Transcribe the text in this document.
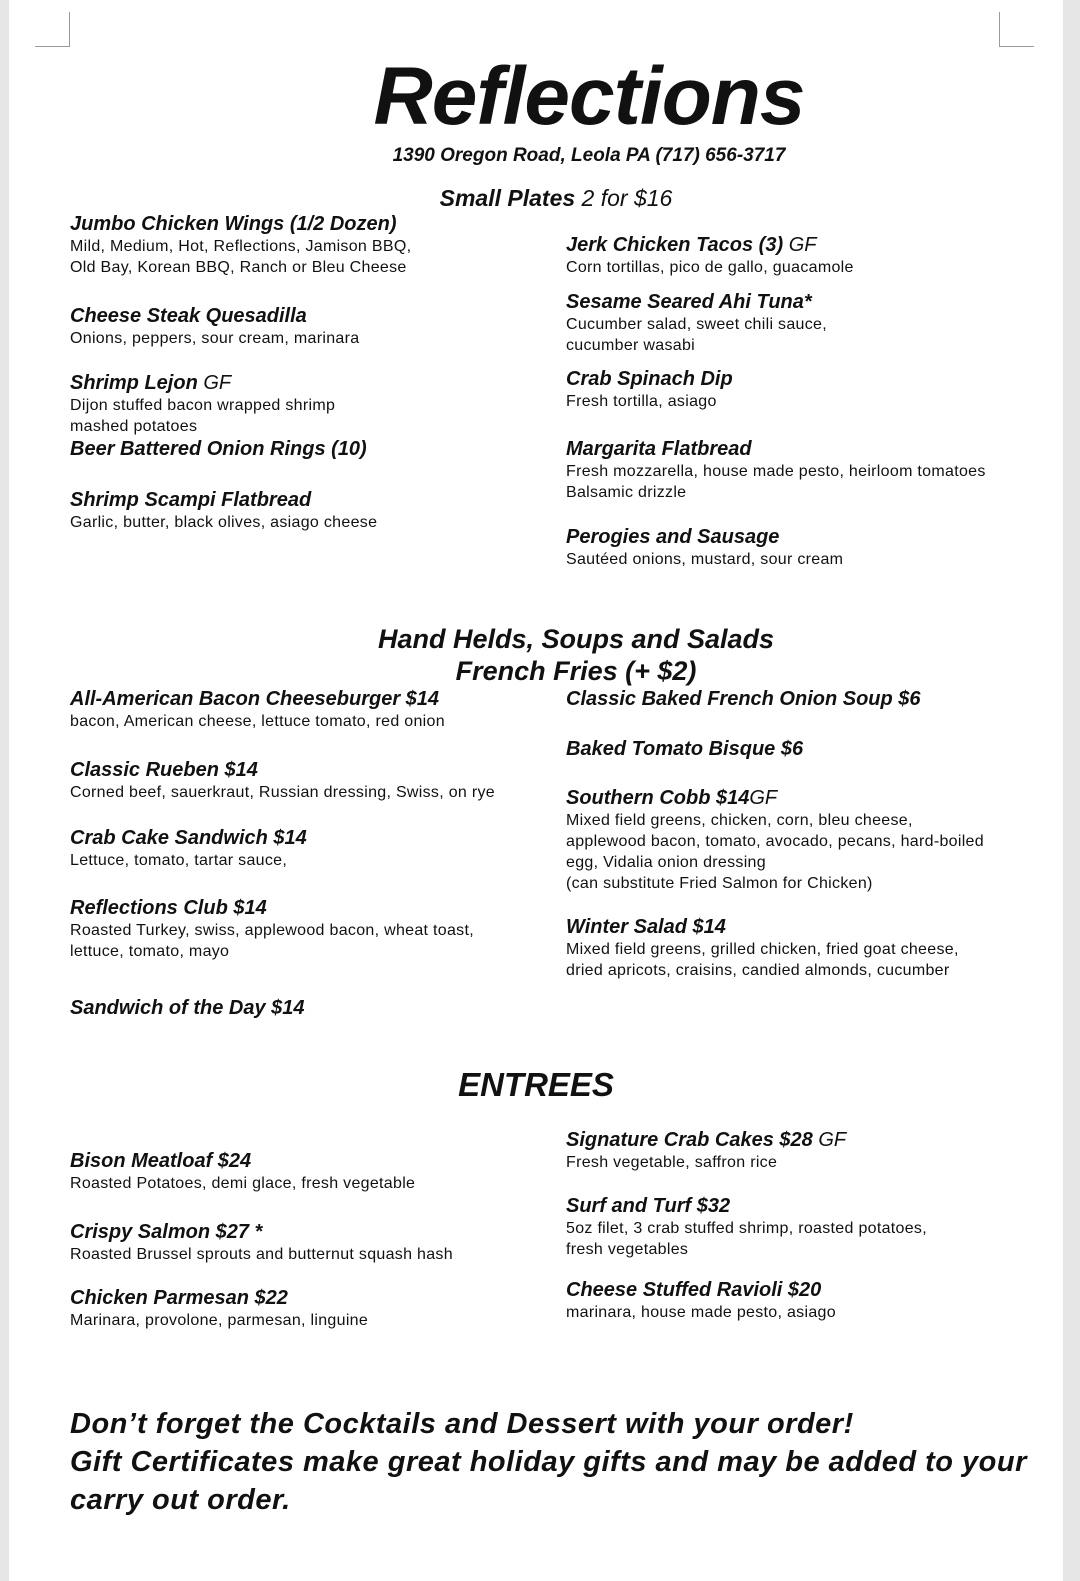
Reflections
1390 Oregon Road, Leola PA (717) 656-3717
Small Plates 2 for $16
Jumbo Chicken Wings (1/2 Dozen)
Mild, Medium, Hot, Reflections, Jamison BBQ,
Old Bay, Korean BBQ, Ranch or Bleu Cheese
Cheese Steak Quesadilla
Onions, peppers, sour cream, marinara
Shrimp Lejon GF
Dijon stuffed bacon wrapped shrimp
mashed potatoes
Beer Battered Onion Rings (10)
Shrimp Scampi Flatbread
Garlic, butter, black olives, asiago cheese
Jerk Chicken Tacos (3) GF
Corn tortillas, pico de gallo, guacamole
Sesame Seared Ahi Tuna*
Cucumber salad, sweet chili sauce,
cucumber wasabi
Crab Spinach Dip
Fresh tortilla, asiago
Margarita Flatbread
Fresh mozzarella, house made pesto, heirloom tomatoes
Balsamic drizzle
Perogies and Sausage
Sautéed onions, mustard, sour cream
Hand Helds, Soups and Salads
French Fries (+ $2)
All-American Bacon Cheeseburger $14
bacon, American cheese, lettuce tomato, red onion
Classic Rueben $14
Corned beef, sauerkraut, Russian dressing, Swiss, on rye
Crab Cake Sandwich $14
Lettuce, tomato, tartar sauce,
Reflections Club $14
Roasted Turkey, swiss, applewood bacon, wheat toast,
lettuce, tomato, mayo
Sandwich of the Day $14
Classic Baked French Onion Soup $6
Baked Tomato Bisque $6
Southern Cobb $14GF
Mixed field greens, chicken, corn, bleu cheese,
applewood bacon, tomato, avocado, pecans, hard-boiled
egg, Vidalia onion dressing
(can substitute Fried Salmon for Chicken)
Winter Salad $14
Mixed field greens, grilled chicken, fried goat cheese,
dried apricots, craisins, candied almonds, cucumber
ENTREES
Bison Meatloaf $24
Roasted Potatoes, demi glace, fresh vegetable
Crispy Salmon $27 *
Roasted Brussel sprouts and butternut squash hash
Chicken Parmesan $22
Marinara, provolone, parmesan, linguine
Signature Crab Cakes $28 GF
Fresh vegetable, saffron rice
Surf and Turf $32
5oz filet, 3 crab stuffed shrimp, roasted potatoes,
fresh vegetables
Cheese Stuffed Ravioli $20
marinara, house made pesto, asiago
Don’t forget the Cocktails and Dessert with your order!
Gift Certificates make great holiday gifts and may be added to your carry out order.
